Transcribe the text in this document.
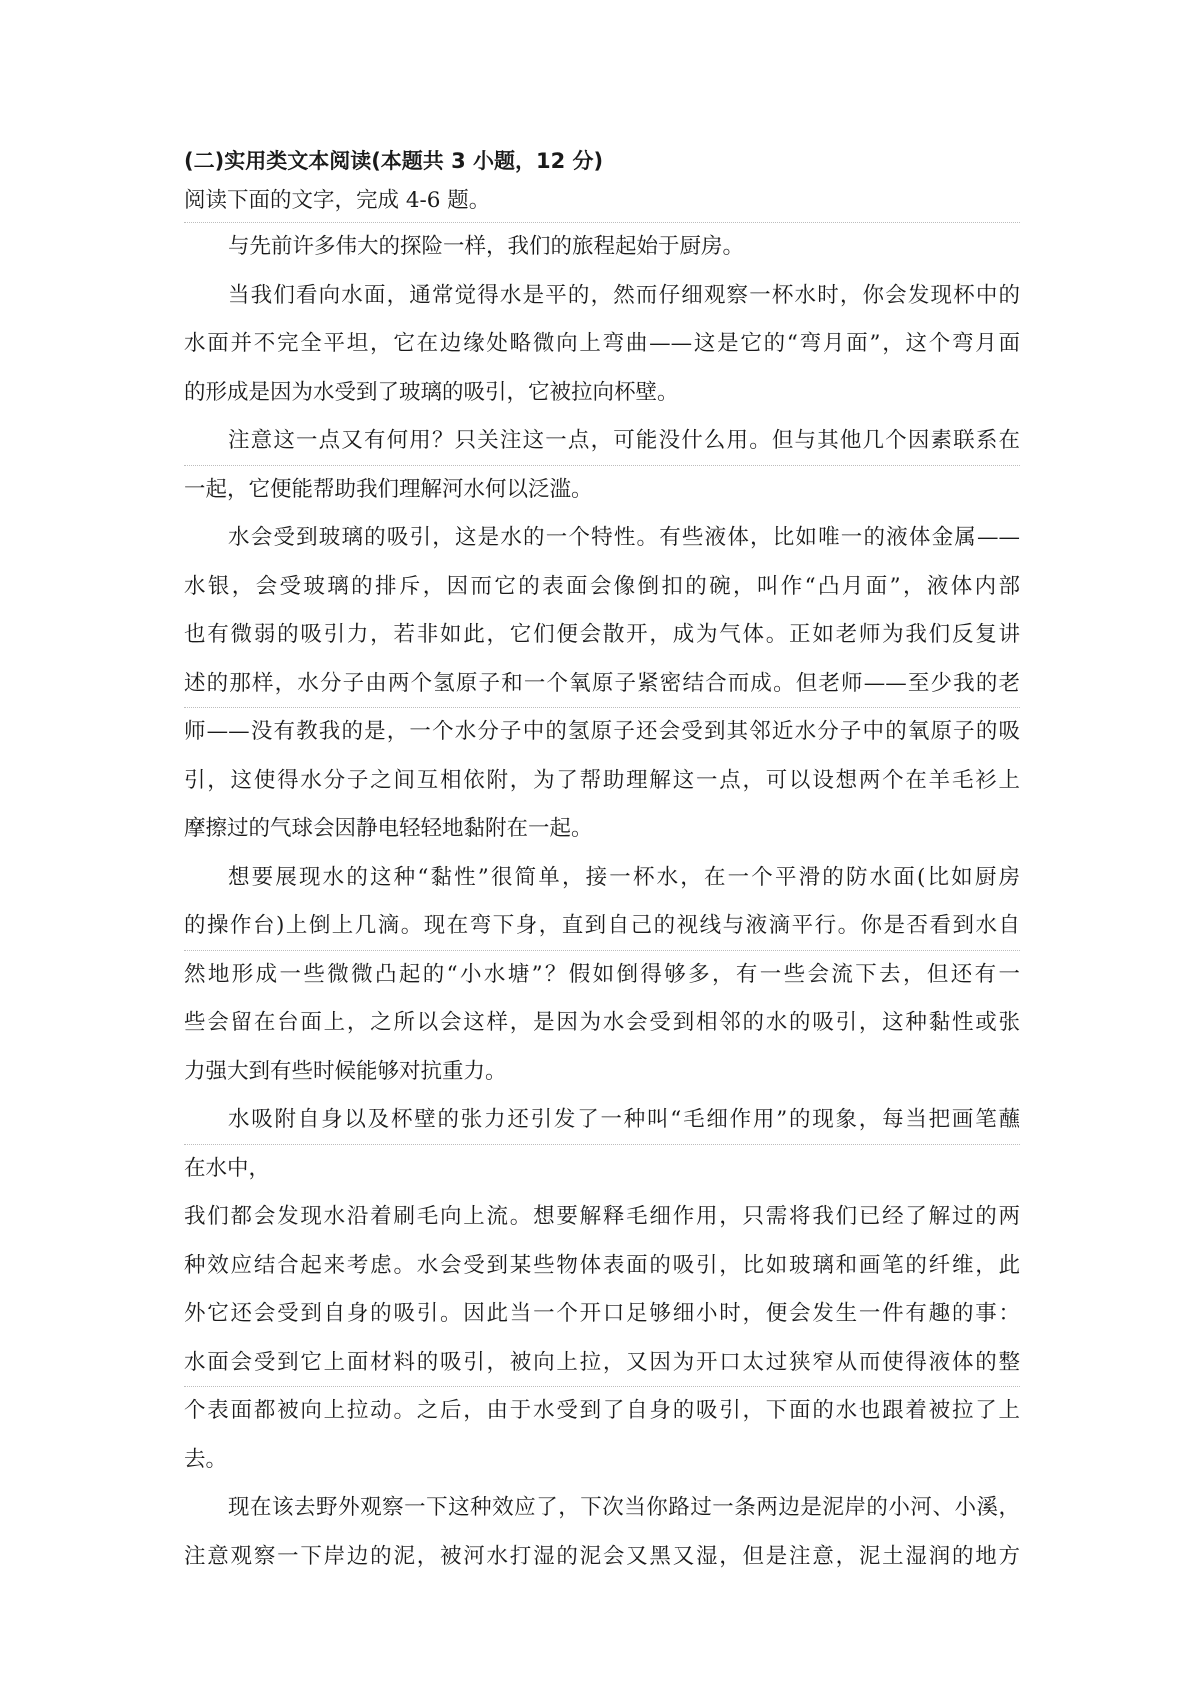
(二)实用类文本阅读(本题共 3 小题，12 分)
阅读下面的文字，完成 4-6 题。
与先前许多伟大的探险一样，我们的旅程起始于厨房。
当我们看向水面，通常觉得水是平的，然而仔细观察一杯水时，你会发现杯中的
水面并不完全平坦，它在边缘处略微向上弯曲——这是它的“弯月面”，这个弯月面
的形成是因为水受到了玻璃的吸引，它被拉向杯壁。
注意这一点又有何用？只关注这一点，可能没什么用。但与其他几个因素联系在
一起，它便能帮助我们理解河水何以泛滥。
水会受到玻璃的吸引，这是水的一个特性。有些液体，比如唯一的液体金属——
水银，会受玻璃的排斥，因而它的表面会像倒扣的碗，叫作“凸月面”，液体内部
也有微弱的吸引力，若非如此，它们便会散开，成为气体。正如老师为我们反复讲
述的那样，水分子由两个氢原子和一个氧原子紧密结合而成。但老师——至少我的老
师——没有教我的是，一个水分子中的氢原子还会受到其邻近水分子中的氧原子的吸
引，这使得水分子之间互相依附，为了帮助理解这一点，可以设想两个在羊毛衫上
摩擦过的气球会因静电轻轻地黏附在一起。
想要展现水的这种“黏性”很简单，接一杯水，在一个平滑的防水面(比如厨房
的操作台)上倒上几滴。现在弯下身，直到自己的视线与液滴平行。你是否看到水自
然地形成一些微微凸起的“小水塘”？假如倒得够多，有一些会流下去，但还有一
些会留在台面上，之所以会这样，是因为水会受到相邻的水的吸引，这种黏性或张
力强大到有些时候能够对抗重力。
水吸附自身以及杯壁的张力还引发了一种叫“毛细作用”的现象，每当把画笔蘸
在水中，
我们都会发现水沿着刷毛向上流。想要解释毛细作用，只需将我们已经了解过的两
种效应结合起来考虑。水会受到某些物体表面的吸引，比如玻璃和画笔的纤维，此
外它还会受到自身的吸引。因此当一个开口足够细小时，便会发生一件有趣的事：
水面会受到它上面材料的吸引，被向上拉，又因为开口太过狭窄从而使得液体的整
个表面都被向上拉动。之后，由于水受到了自身的吸引，下面的水也跟着被拉了上
去。
现在该去野外观察一下这种效应了，下次当你路过一条两边是泥岸的小河、小溪，
注意观察一下岸边的泥，被河水打湿的泥会又黑又湿，但是注意，泥土湿润的地方
